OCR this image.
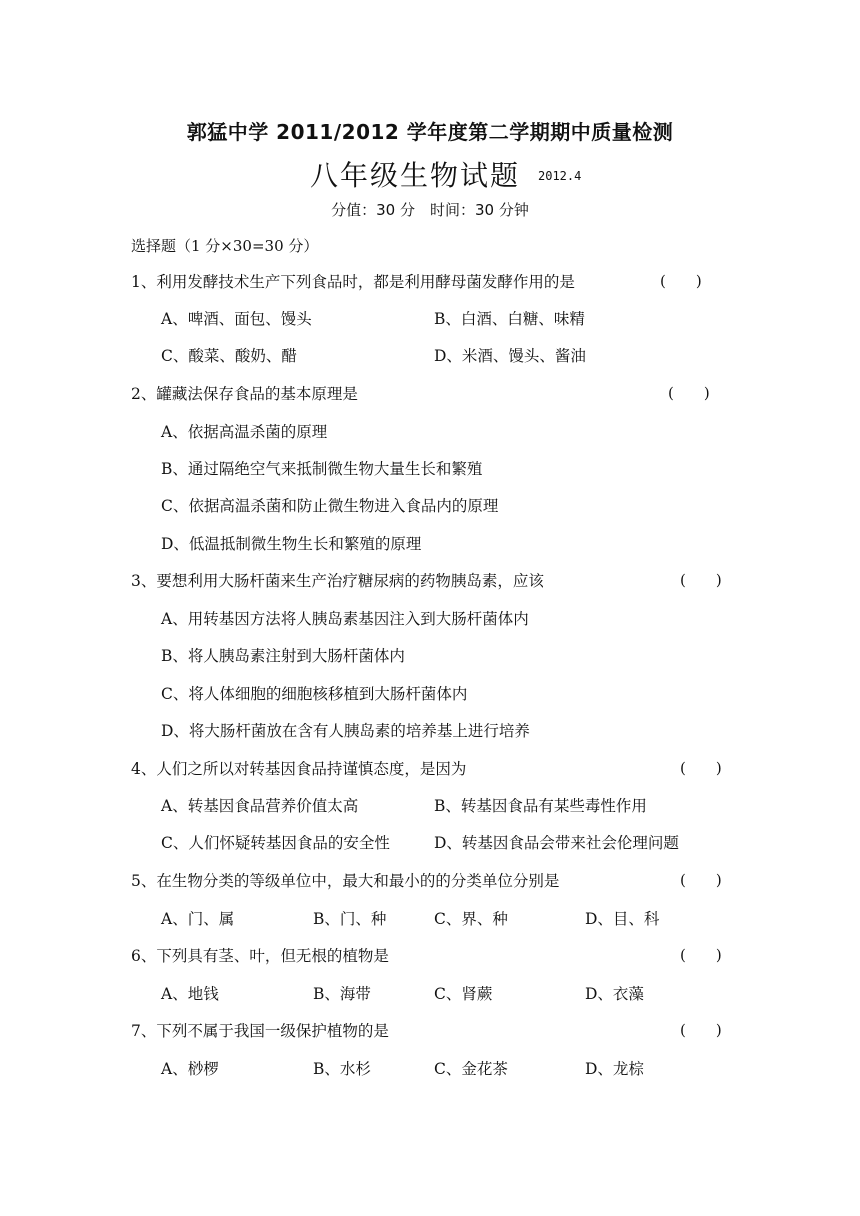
郭猛中学 2011/2012 学年度第二学期期中质量检测
八年级生物试题 2012.4
分值：30 分　时间：30 分钟
选择题（1 分×30=30 分）
1、利用发酵技术生产下列食品时，都是利用酵母菌发酵作用的是	(　　)
A、啤酒、面包、馒头	B、白酒、白糖、味精
C、酸菜、酸奶、醋	D、米酒、馒头、酱油
2、罐藏法保存食品的基本原理是	(　　)
A、依据高温杀菌的原理
B、通过隔绝空气来抵制微生物大量生长和繁殖
C、依据高温杀菌和防止微生物进入食品内的原理
D、低温抵制微生物生长和繁殖的原理
3、要想利用大肠杆菌来生产治疗糖尿病的药物胰岛素，应该	(　　)
A、用转基因方法将人胰岛素基因注入到大肠杆菌体内
B、将人胰岛素注射到大肠杆菌体内
C、将人体细胞的细胞核移植到大肠杆菌体内
D、将大肠杆菌放在含有人胰岛素的培养基上进行培养
4、人们之所以对转基因食品持谨慎态度，是因为	(　　)
A、转基因食品营养价值太高	B、转基因食品有某些毒性作用
C、人们怀疑转基因食品的安全性	D、转基因食品会带来社会伦理问题
5、在生物分类的等级单位中，最大和最小的的分类单位分别是	(　　)
A、门、属	B、门、种	C、界、种	D、目、科
6、下列具有茎、叶，但无根的植物是	(　　)
A、地钱	B、海带	C、肾蕨	D、衣藻
7、下列不属于我国一级保护植物的是	(　　)
A、桫椤	B、水杉	C、金花茶	D、龙棕
